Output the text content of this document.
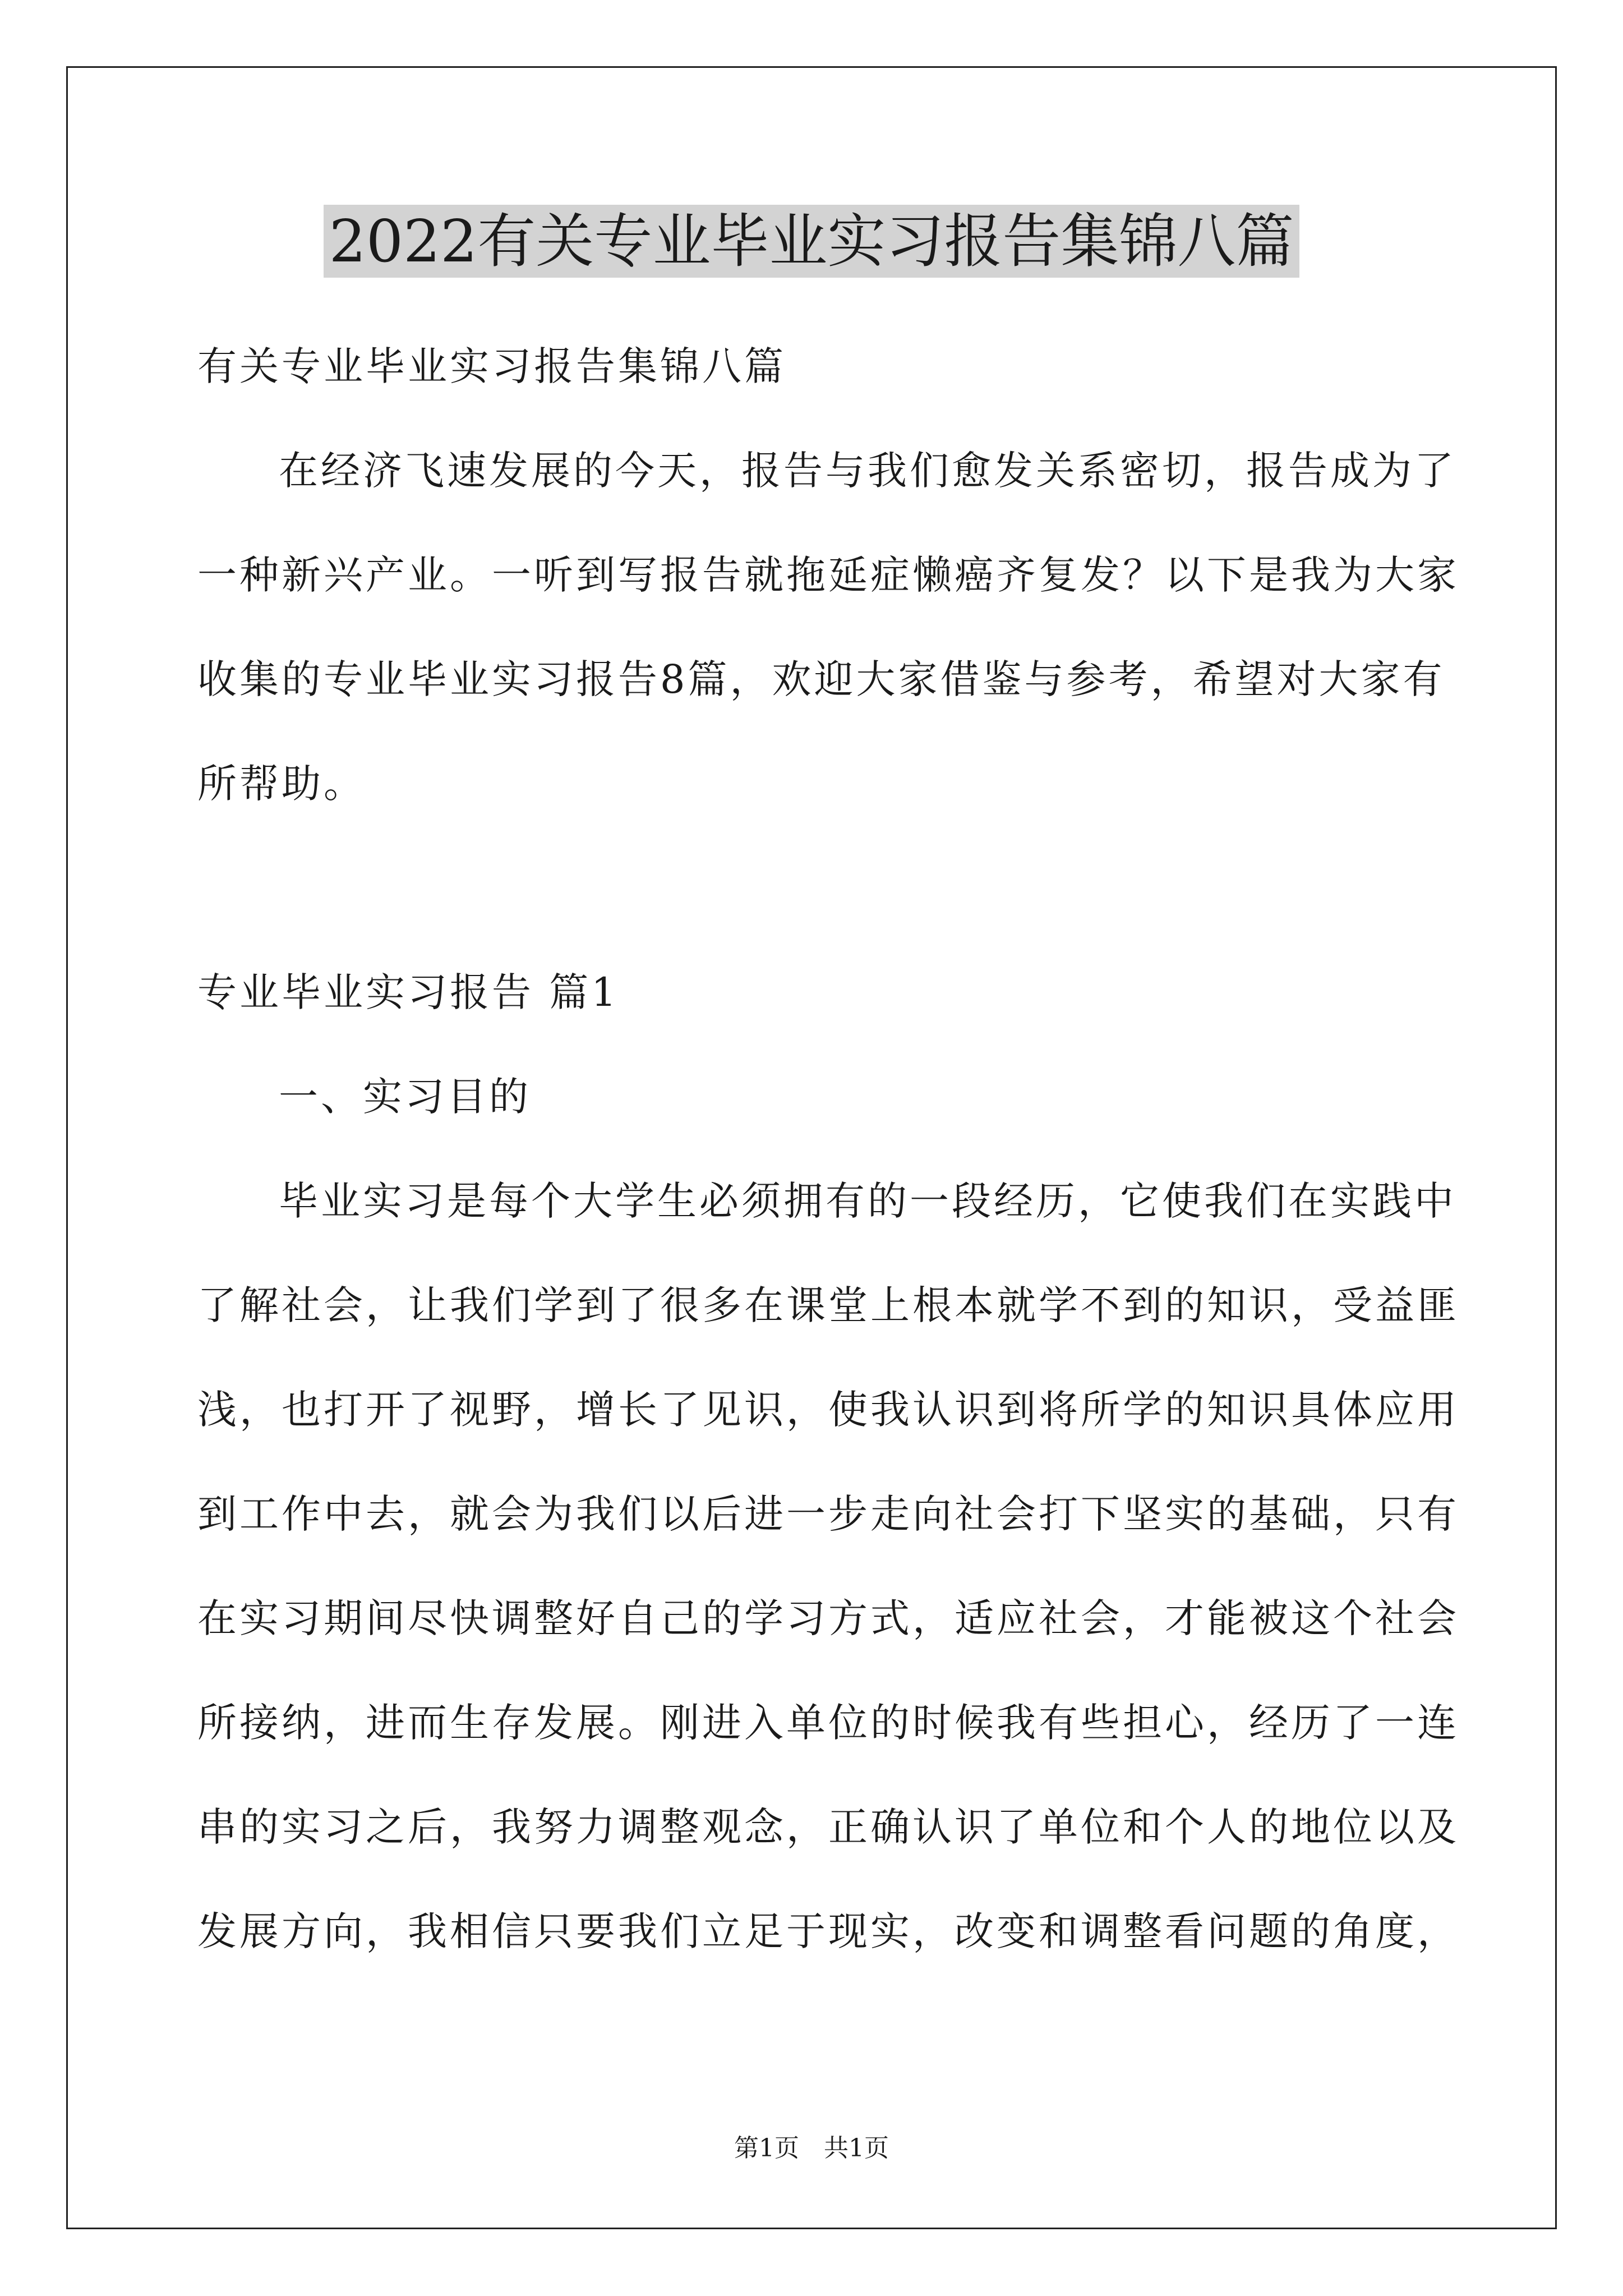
2022有关专业毕业实习报告集锦八篇
有关专业毕业实习报告集锦八篇
在经济飞速发展的今天，报告与我们愈发关系密切，报告成为了
一种新兴产业。一听到写报告就拖延症懒癌齐复发？以下是我为大家
收集的专业毕业实习报告8篇，欢迎大家借鉴与参考，希望对大家有
所帮助。
专业毕业实习报告 篇1
一、实习目的
毕业实习是每个大学生必须拥有的一段经历，它使我们在实践中
了解社会，让我们学到了很多在课堂上根本就学不到的知识，受益匪
浅，也打开了视野，增长了见识，使我认识到将所学的知识具体应用
到工作中去，就会为我们以后进一步走向社会打下坚实的基础，只有
在实习期间尽快调整好自己的学习方式，适应社会，才能被这个社会
所接纳，进而生存发展。刚进入单位的时候我有些担心，经历了一连
串的实习之后，我努力调整观念，正确认识了单位和个人的地位以及
发展方向，我相信只要我们立足于现实，改变和调整看问题的角度，
第1页　共1页
